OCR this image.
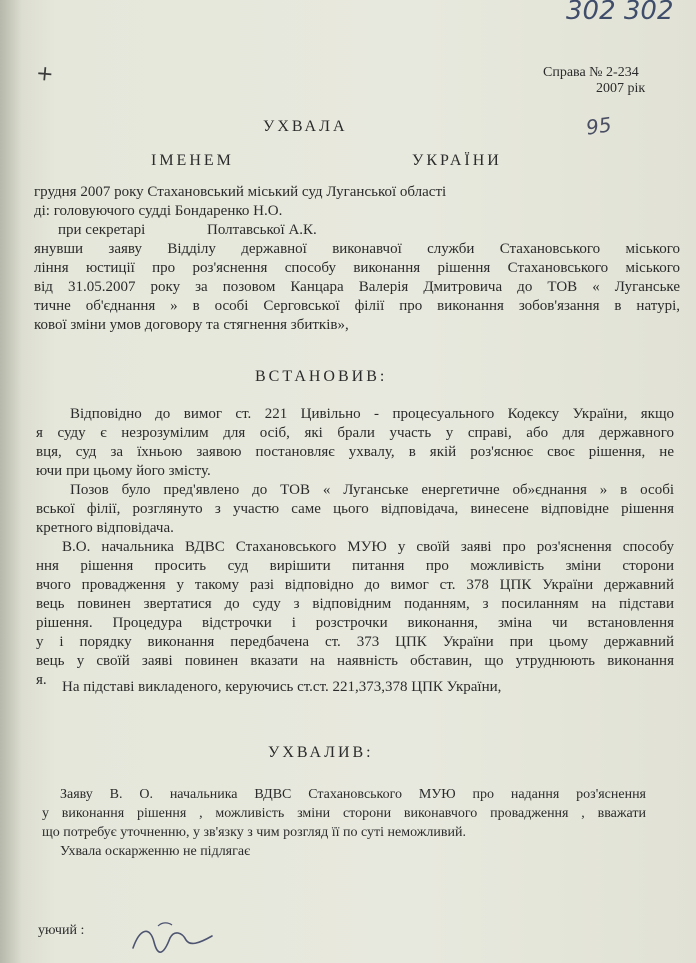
302 302
✕	Справа № 2-234
2007 рік
95
УХВАЛА
ІМЕНЕМ	УКРАЇНИ
грудня 2007 року Стахановський міський суд Луганської області
ді: головуючого судді Бондаренко Н.О.
при секретарі	Полтавської А.К.
янувши заяву Відділу державної виконавчої служби Стахановського міського
ління юстиції про роз'яснення способу виконання рішення Стахановського міського
від 31.05.2007 року за позовом Канцара Валерія Дмитровича до ТОВ « Луганське
тичне об'єднання » в особі Серговської філії про виконання зобов'язання в натурі,
кової зміни умов договору та стягнення збитків»,
ВСТАНОВИВ:
Відповідно до вимог ст. 221 Цивільно - процесуального Кодексу України, якщо
я суду є незрозумілим для осіб, які брали участь у справі, або для державного
вця, суд за їхньою заявою постановляє ухвалу, в якій роз'яснює своє рішення, не
ючи при цьому його змісту.
Позов було пред'явлено до ТОВ « Луганське енергетичне об»єднання » в особі
вської філії, розглянуто з участю саме цього відповідача, винесене відповідне рішення
кретного відповідача.
В.О. начальника ВДВС Стахановського МУЮ у своїй заяві про роз'яснення способу
ння рішення просить суд вирішити питання про можливість зміни сторони
вчого провадження у такому разі відповідно до вимог ст. 378 ЦПК України державний
вець повинен звертатися до суду з відповідним поданням, з посиланням на підстави
рішення. Процедура відстрочки і розстрочки виконання, зміна чи встановлення
у і порядку виконання передбачена ст. 373 ЦПК України при цьому державний
вець у своїй заяві повинен вказати на наявність обставин, що утруднюють виконання
я. На підставі викладеного, керуючись ст.ст. 221,373,378 ЦПК України,
УХВАЛИВ:
Заяву В. О. начальника ВДВС Стахановського МУЮ про надання роз'яснення
у виконання рішення , можливість зміни сторони виконавчого провадження , вважати
що потребує уточненню, у зв'язку з чим розгляд її по суті неможливий.
Ухвала оскарженню не підлягає
уючий :
